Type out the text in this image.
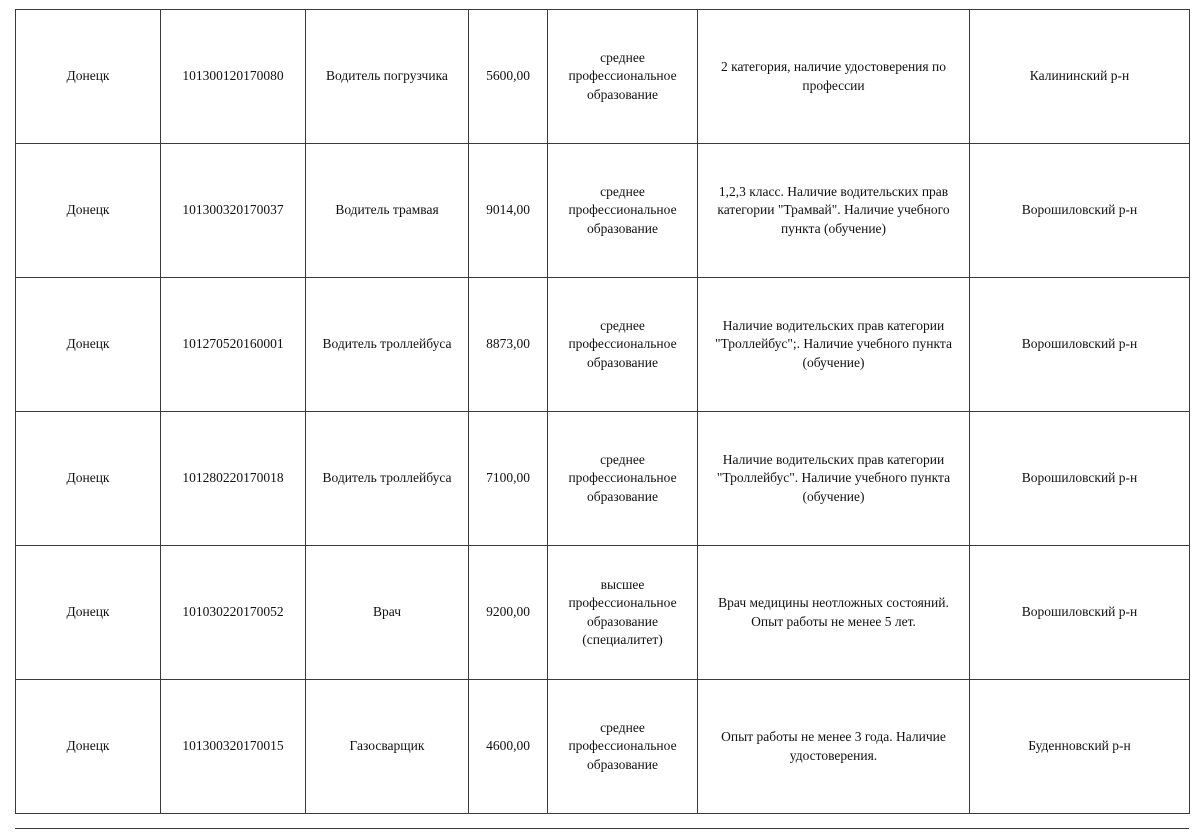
Донецк	101300120170080	Водитель погрузчика	5600,00	среднее
профессиональное
образование	2 категория, наличие удостоверения по
профессии	Калининский р-н
Донецк	101300320170037	Водитель трамвая	9014,00	среднее
профессиональное
образование	1,2,3 класс. Наличие водительских прав
категории "Трамвай". Наличие учебного
пункта (обучение)	Ворошиловский р-н
Донецк	101270520160001	Водитель троллейбуса	8873,00	среднее
профессиональное
образование	Наличие водительских прав категории
"Троллейбус";. Наличие учебного пункта
(обучение)	Ворошиловский р-н
Донецк	101280220170018	Водитель троллейбуса	7100,00	среднее
профессиональное
образование	Наличие водительских прав категории
"Троллейбус". Наличие учебного пункта
(обучение)	Ворошиловский р-н
Донецк	101030220170052	Врач	9200,00	высшее
профессиональное
образование
(специалитет)	Врач медицины неотложных состояний.
Опыт работы не менее 5 лет.	Ворошиловский р-н
Донецк	101300320170015	Газосварщик	4600,00	среднее
профессиональное
образование	Опыт работы не менее 3 года. Наличие
удостоверения.	Буденновский р-н
